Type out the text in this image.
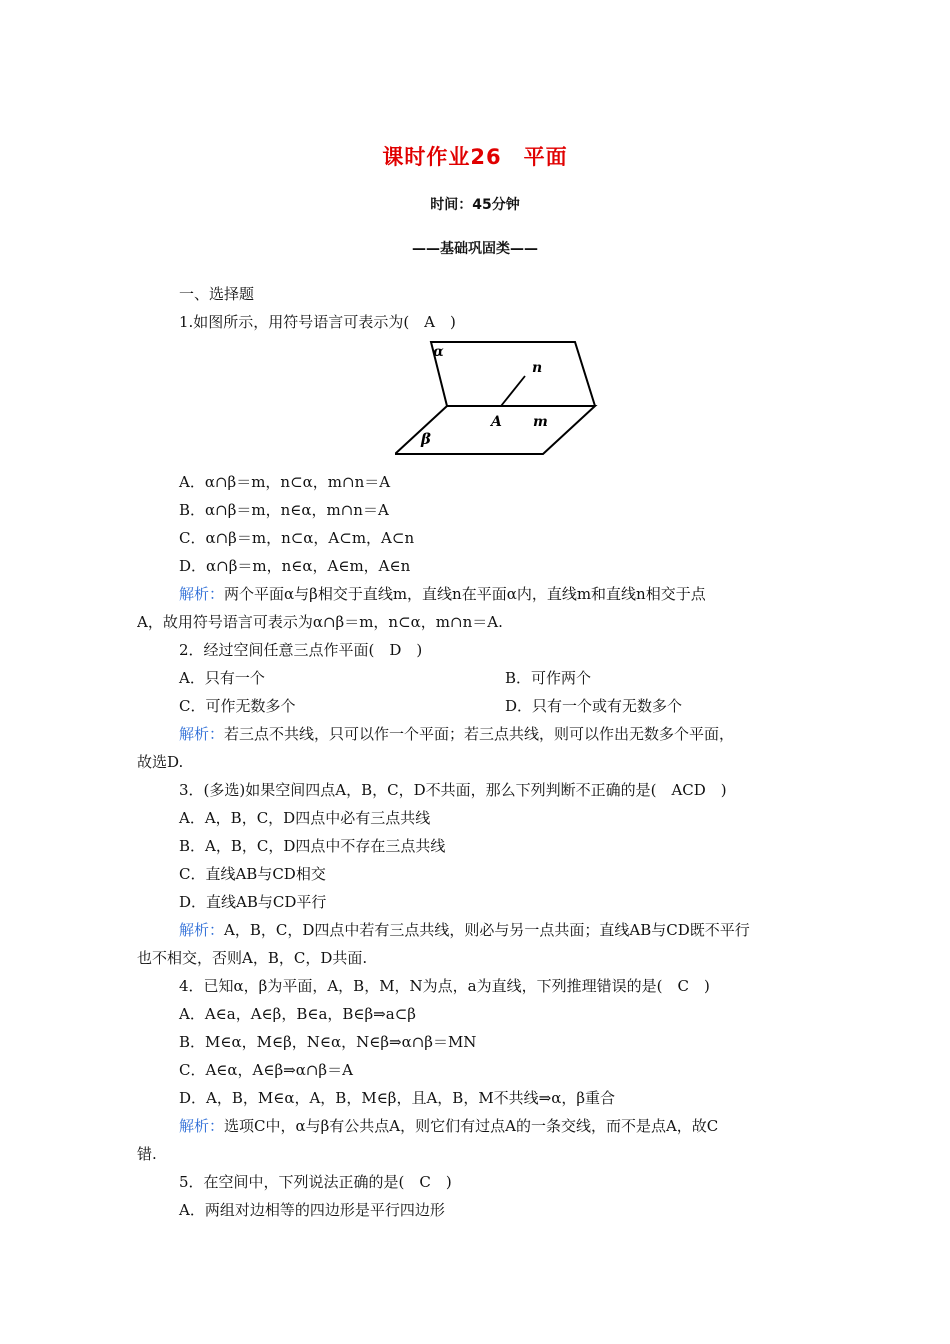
课时作业26　平面
时间：45分钟
——基础巩固类——
一、选择题
1.如图所示，用符号语言可表示为(　A　)
α
n
A m
β
A．α∩β＝m，n⊂α，m∩n＝A
B．α∩β＝m，n∈α，m∩n＝A
C．α∩β＝m，n⊂α，A⊂m，A⊂n
D．α∩β＝m，n∈α，A∈m，A∈n
解析：两个平面α与β相交于直线m，直线n在平面α内，直线m和直线n相交于点
A，故用符号语言可表示为α∩β＝m，n⊂α，m∩n＝A.
2．经过空间任意三点作平面(　D　)
A．只有一个	B．可作两个
C．可作无数多个	D．只有一个或有无数多个
解析：若三点不共线，只可以作一个平面；若三点共线，则可以作出无数多个平面，
故选D.
3．(多选)如果空间四点A，B，C，D不共面，那么下列判断不正确的是(　ACD　)
A．A，B，C，D四点中必有三点共线
B．A，B，C，D四点中不存在三点共线
C．直线AB与CD相交
D．直线AB与CD平行
解析：A，B，C，D四点中若有三点共线，则必与另一点共面；直线AB与CD既不平行
也不相交，否则A，B，C，D共面.
4．已知α，β为平面，A，B，M，N为点，a为直线，下列推理错误的是(　C　)
A．A∈a，A∈β，B∈a，B∈β⇒a⊂β
B．M∈α，M∈β，N∈α，N∈β⇒α∩β＝MN
C．A∈α，A∈β⇒α∩β＝A
D．A，B，M∈α，A，B，M∈β，且A，B，M不共线⇒α，β重合
解析：选项C中，α与β有公共点A，则它们有过点A的一条交线，而不是点A，故C
错.
5．在空间中，下列说法正确的是(　C　)
A．两组对边相等的四边形是平行四边形
